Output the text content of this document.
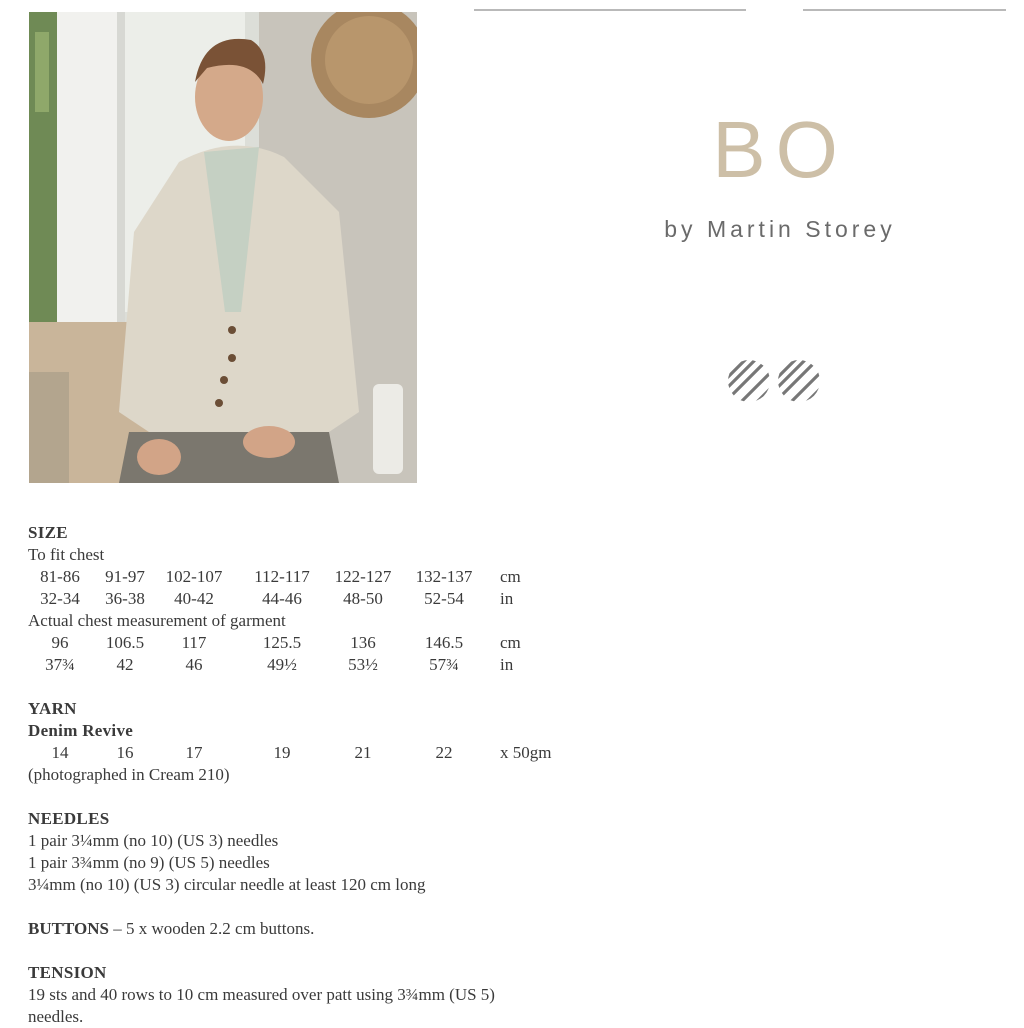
BO
by Martin Storey
SIZE
To fit chest
81-86	91-97	102-107	112-117	122-127	132-137	cm
32-34	36-38	40-42	44-46	48-50	52-54	in
Actual chest measurement of garment
96	106.5	117	125.5	136	146.5	cm
37¾	42	46	49½	53½	57¾	in
YARN
Denim Revive
14	16	17	19	21	22	x 50gm
(photographed in Cream 210)
NEEDLES
1 pair 3¼mm (no 10) (US 3) needles
1 pair 3¾mm (no 9) (US 5) needles
3¼mm (no 10) (US 3) circular needle at least 120 cm long
BUTTONS – 5 x wooden 2.2 cm buttons.
TENSION
19 sts and 40 rows to 10 cm measured over patt using 3¾mm (US 5)
needles.
